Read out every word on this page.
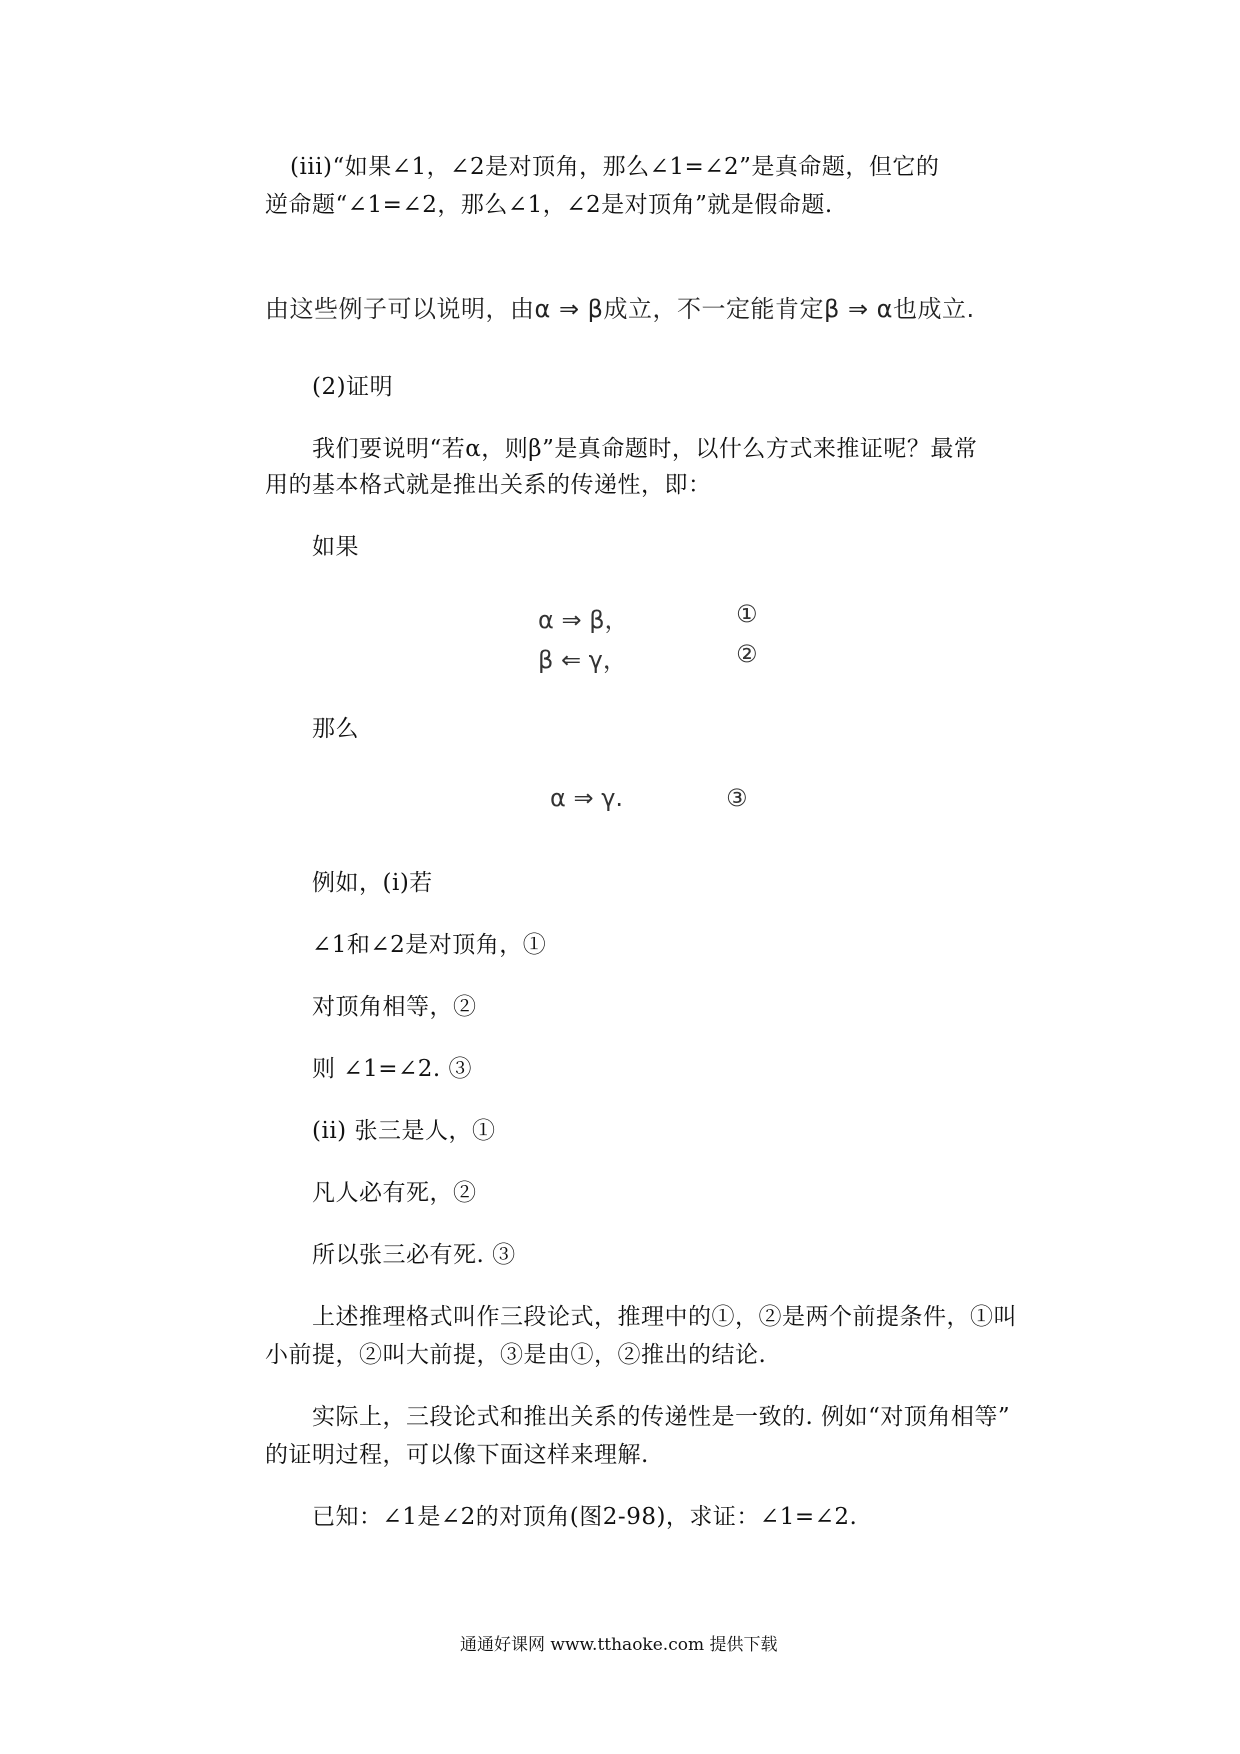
(iii)“如果∠1，∠2是对顶角，那么∠1=∠2”是真命题，但它的
逆命题“∠1=∠2，那么∠1，∠2是对顶角”就是假命题.
由这些例子可以说明，由α ⇒ β成立，不一定能肯定β ⇒ α也成立.
(2)证明
我们要说明“若α，则β”是真命题时，以什么方式来推证呢？最常
用的基本格式就是推出关系的传递性，即：
如果
α ⇒ β，	①
β ⇐ γ，	②
那么
α ⇒ γ.	③
例如，(i)若
∠1和∠2是对顶角，①
对顶角相等，②
则 ∠1=∠2. ③
(ii) 张三是人，①
凡人必有死，②
所以张三必有死. ③
上述推理格式叫作三段论式，推理中的①，②是两个前提条件，①叫
小前提，②叫大前提，③是由①，②推出的结论.
实际上，三段论式和推出关系的传递性是一致的. 例如“对顶角相等”
的证明过程，可以像下面这样来理解.
已知：∠1是∠2的对顶角(图2-98)，求证：∠1=∠2.
通通好课网 www.tthaoke.com 提供下载
